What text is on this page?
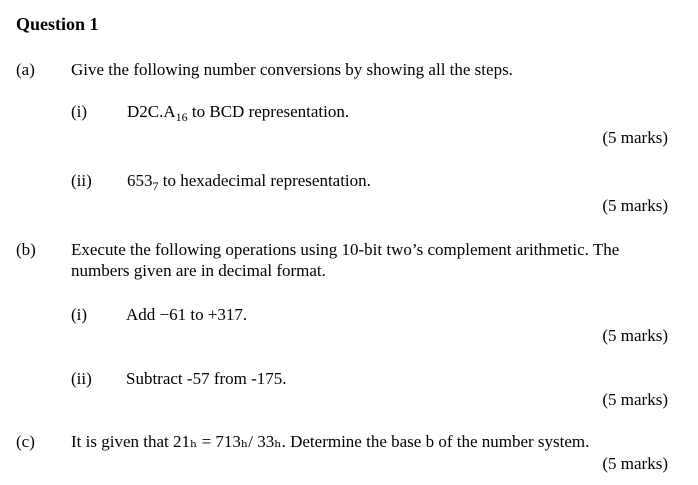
Question 1
(a) Give the following number conversions by showing all the steps.
(i) $D2C.A_{16}$ to BCD representation.
(5 marks)
(ii) $653_7$ to hexadecimal representation.
(5 marks)
(b) Execute the following operations using 10-bit two’s complement arithmetic. The
numbers given are in decimal format.
(i) Add −61 to +317.
(5 marks)
(ii) Subtract -57 from -175.
(5 marks)
(c) It is given that 21ₕ = 713ₕ/ 33ₕ. Determine the base b of the number system.
(5 marks)
